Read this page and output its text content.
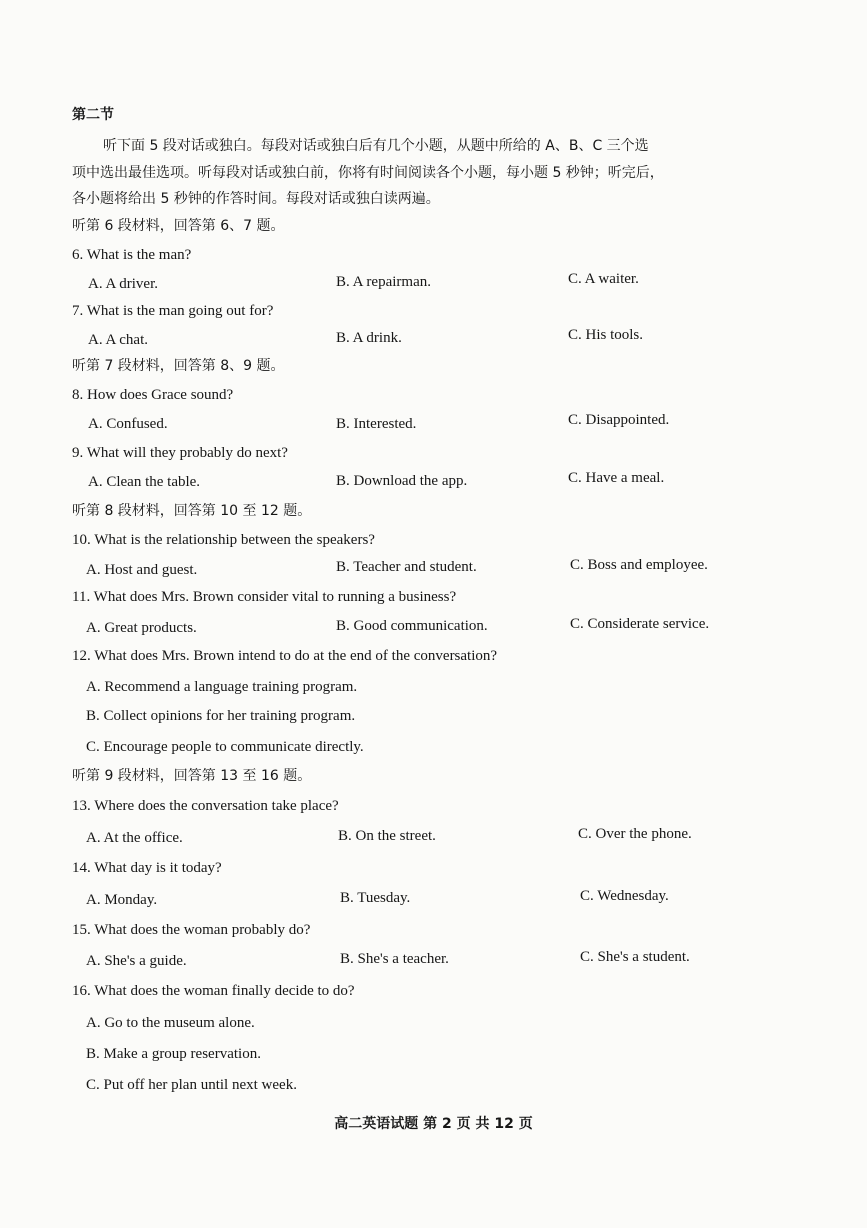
第二节
听下面 5 段对话或独白。每段对话或独白后有几个小题，从题中所给的 A、B、C 三个选
项中选出最佳选项。听每段对话或独白前，你将有时间阅读各个小题，每小题 5 秒钟；听完后，
各小题将给出 5 秒钟的作答时间。每段对话或独白读两遍。
听第 6 段材料，回答第 6、7 题。
6. What is the man?
A. A driver.	B. A repairman.	C. A waiter.
7. What is the man going out for?
A. A chat.	B. A drink.	C. His tools.
听第 7 段材料，回答第 8、9 题。
8. How does Grace sound?
A. Confused.	B. Interested.	C. Disappointed.
9. What will they probably do next?
A. Clean the table.	B. Download the app.	C. Have a meal.
听第 8 段材料，回答第 10 至 12 题。
10. What is the relationship between the speakers?
A. Host and guest.	B. Teacher and student.	C. Boss and employee.
11. What does Mrs. Brown consider vital to running a business?
A. Great products.	B. Good communication.	C. Considerate service.
12. What does Mrs. Brown intend to do at the end of the conversation?
A. Recommend a language training program.
B. Collect opinions for her training program.
C. Encourage people to communicate directly.
听第 9 段材料，回答第 13 至 16 题。
13. Where does the conversation take place?
A. At the office.	B. On the street.	C. Over the phone.
14. What day is it today?
A. Monday.	B. Tuesday.	C. Wednesday.
15. What does the woman probably do?
A. She's a guide.	B. She's a teacher.	C. She's a student.
16. What does the woman finally decide to do?
A. Go to the museum alone.
B. Make a group reservation.
C. Put off her plan until next week.
高二英语试题 第 2 页 共 12 页
